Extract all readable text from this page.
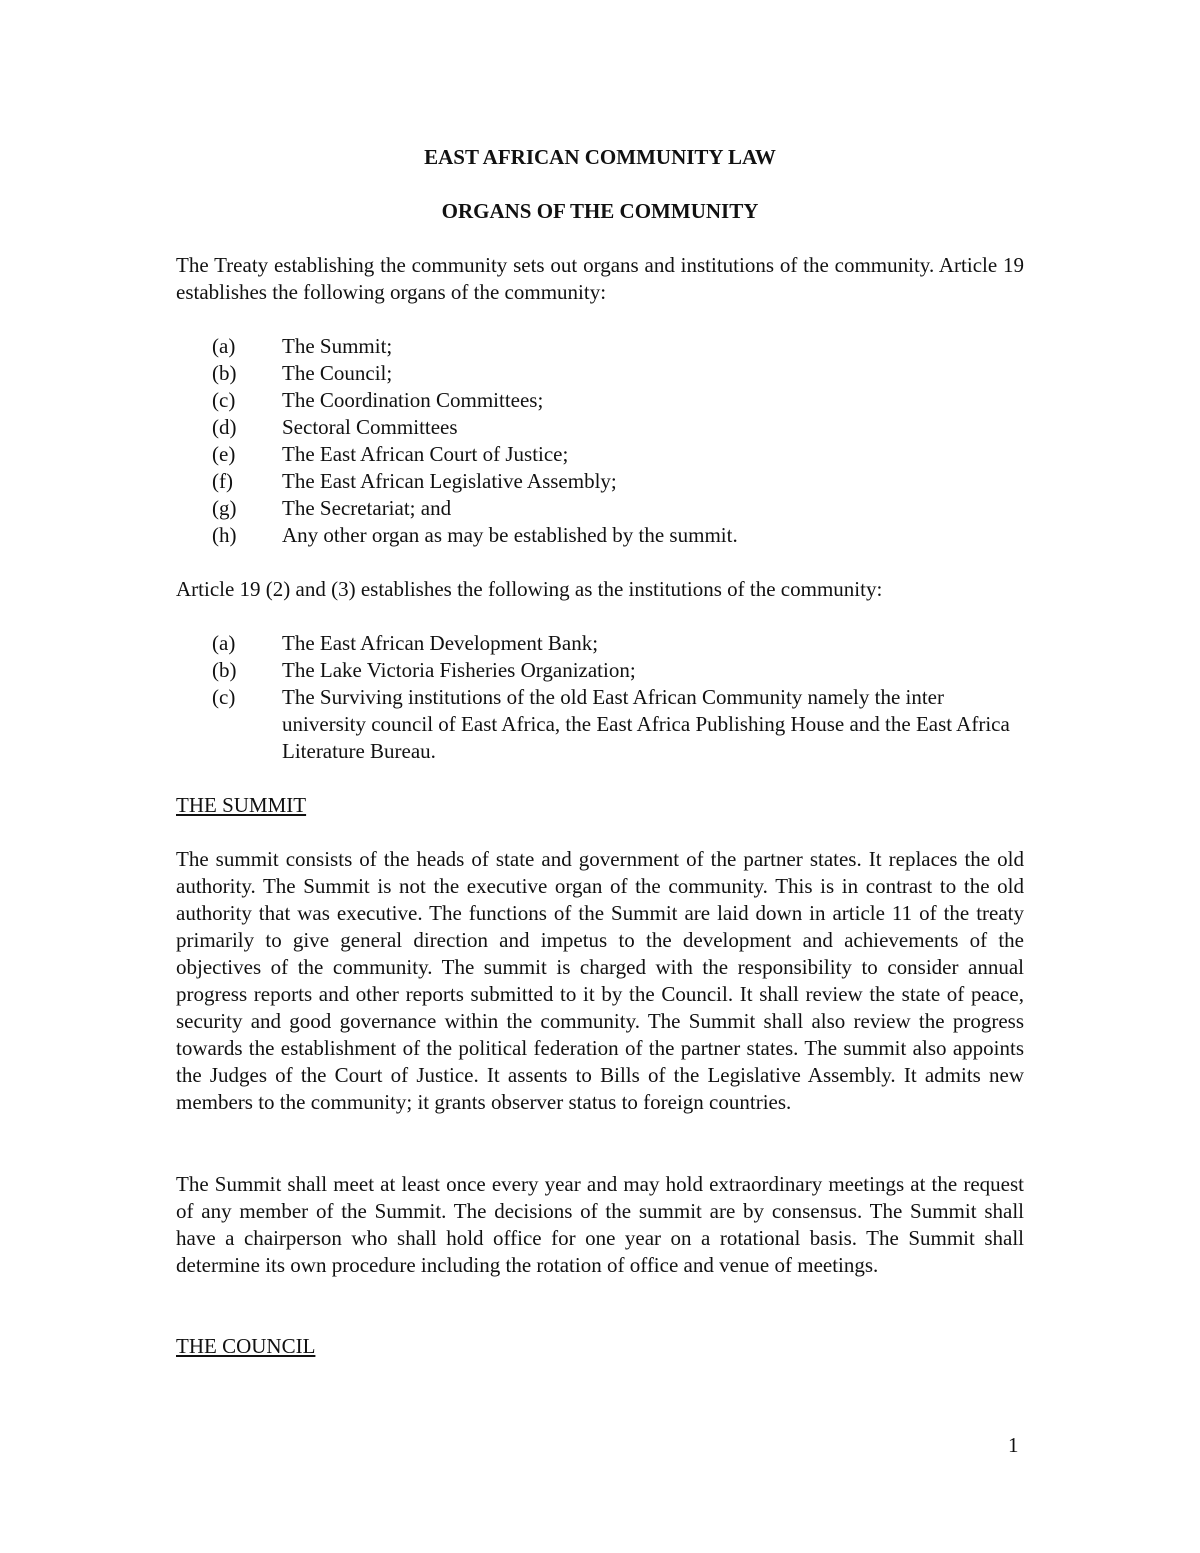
EAST AFRICAN COMMUNITY LAW

ORGANS OF THE COMMUNITY

The Treaty establishing the community sets out organs and institutions of the community. Article 19 establishes the following organs of the community:

(a)	The Summit;
(b)	The Council;
(c)	The Coordination Committees;
(d)	Sectoral Committees
(e)	The East African Court of Justice;
(f)	The East African Legislative Assembly;
(g)	The Secretariat; and
(h)	Any other organ as may be established by the summit.

Article 19 (2) and (3) establishes the following as the institutions of the community:

(a)	The East African Development Bank;
(b)	The Lake Victoria Fisheries Organization;
(c)	The Surviving institutions of the old East African Community namely the inter university council of East Africa, the East Africa Publishing House and the East Africa Literature Bureau.

THE SUMMIT

The summit consists of the heads of state and government of the partner states. It replaces the old authority. The Summit is not the executive organ of the community. This is in contrast to the old authority that was executive. The functions of the Summit are laid down in article 11 of the treaty primarily to give general direction and impetus to the development and achievements of the objectives of the community. The summit is charged with the responsibility to consider annual progress reports and other reports submitted to it by the Council. It shall review the state of peace, security and good governance within the community. The Summit shall also review the progress towards the establishment of the political federation of the partner states. The summit also appoints the Judges of the Court of Justice. It assents to Bills of the Legislative Assembly. It admits new members to the community; it grants observer status to foreign countries.

The Summit shall meet at least once every year and may hold extraordinary meetings at the request of any member of the Summit. The decisions of the summit are by consensus. The Summit shall have a chairperson who shall hold office for one year on a rotational basis. The Summit shall determine its own procedure including the rotation of office and venue of meetings.

THE COUNCIL

1
